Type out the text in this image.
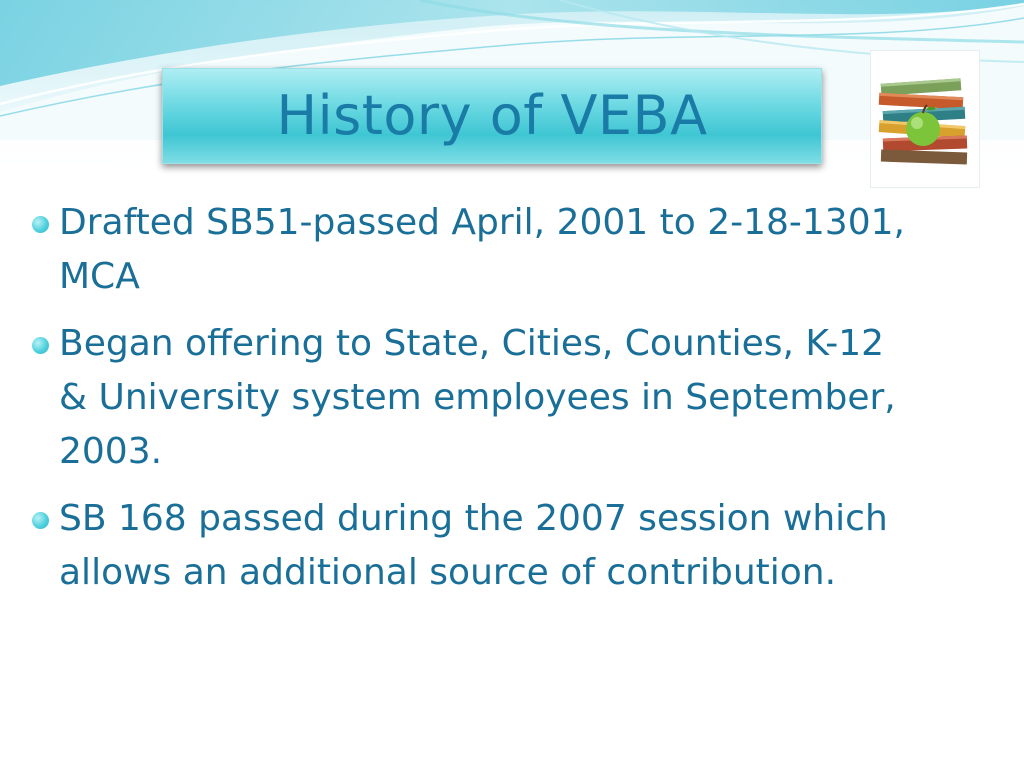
History of VEBA
Drafted SB51-passed April, 2001 to 2-18-1301, MCA
Began offering to State, Cities, Counties, K-12 & University system employees in September, 2003.
SB 168 passed during the 2007 session which allows an additional source of contribution.
